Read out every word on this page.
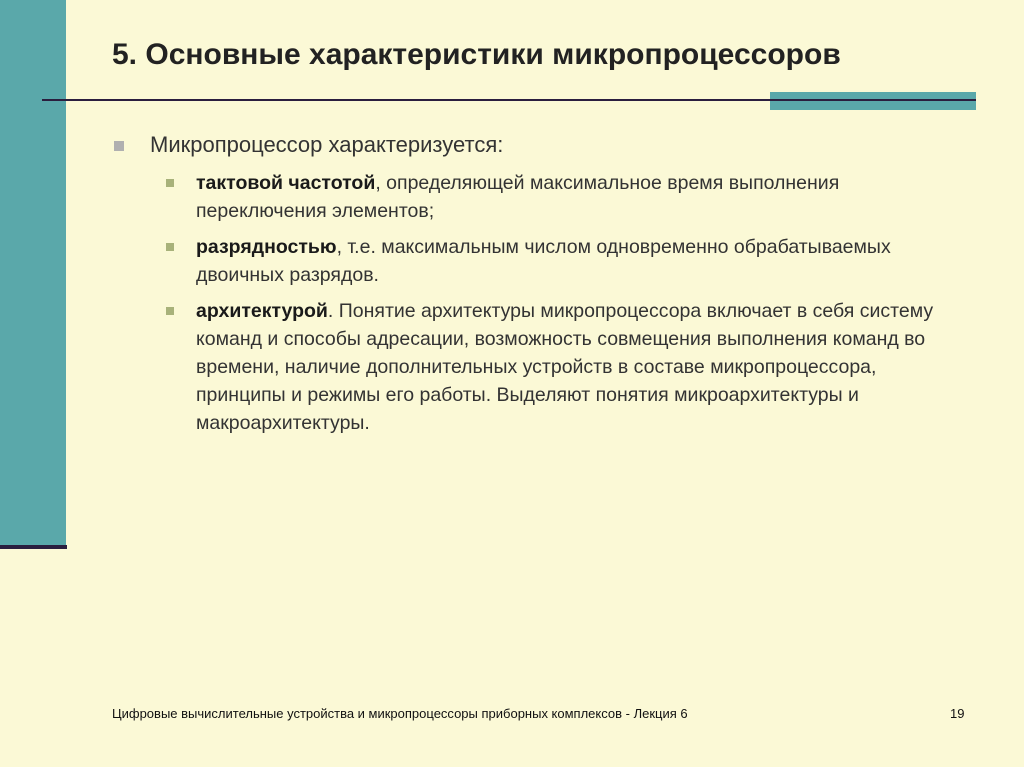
5. Основные характеристики микропроцессоров
Микропроцессор характеризуется:
тактовой частотой, определяющей максимальное время выполнения переключения элементов;
разрядностью, т.е. максимальным числом одновременно обрабатываемых двоичных разрядов.
архитектурой. Понятие архитектуры микропроцессора включает в себя систему команд и способы адресации, возможность совмещения выполнения команд во времени, наличие дополнительных устройств в составе микропроцессора, принципы и режимы его работы. Выделяют понятия микроархитектуры и макроархитектуры.
Цифровые вычислительные устройства и микропроцессоры приборных комплексов - Лекция 6	19
